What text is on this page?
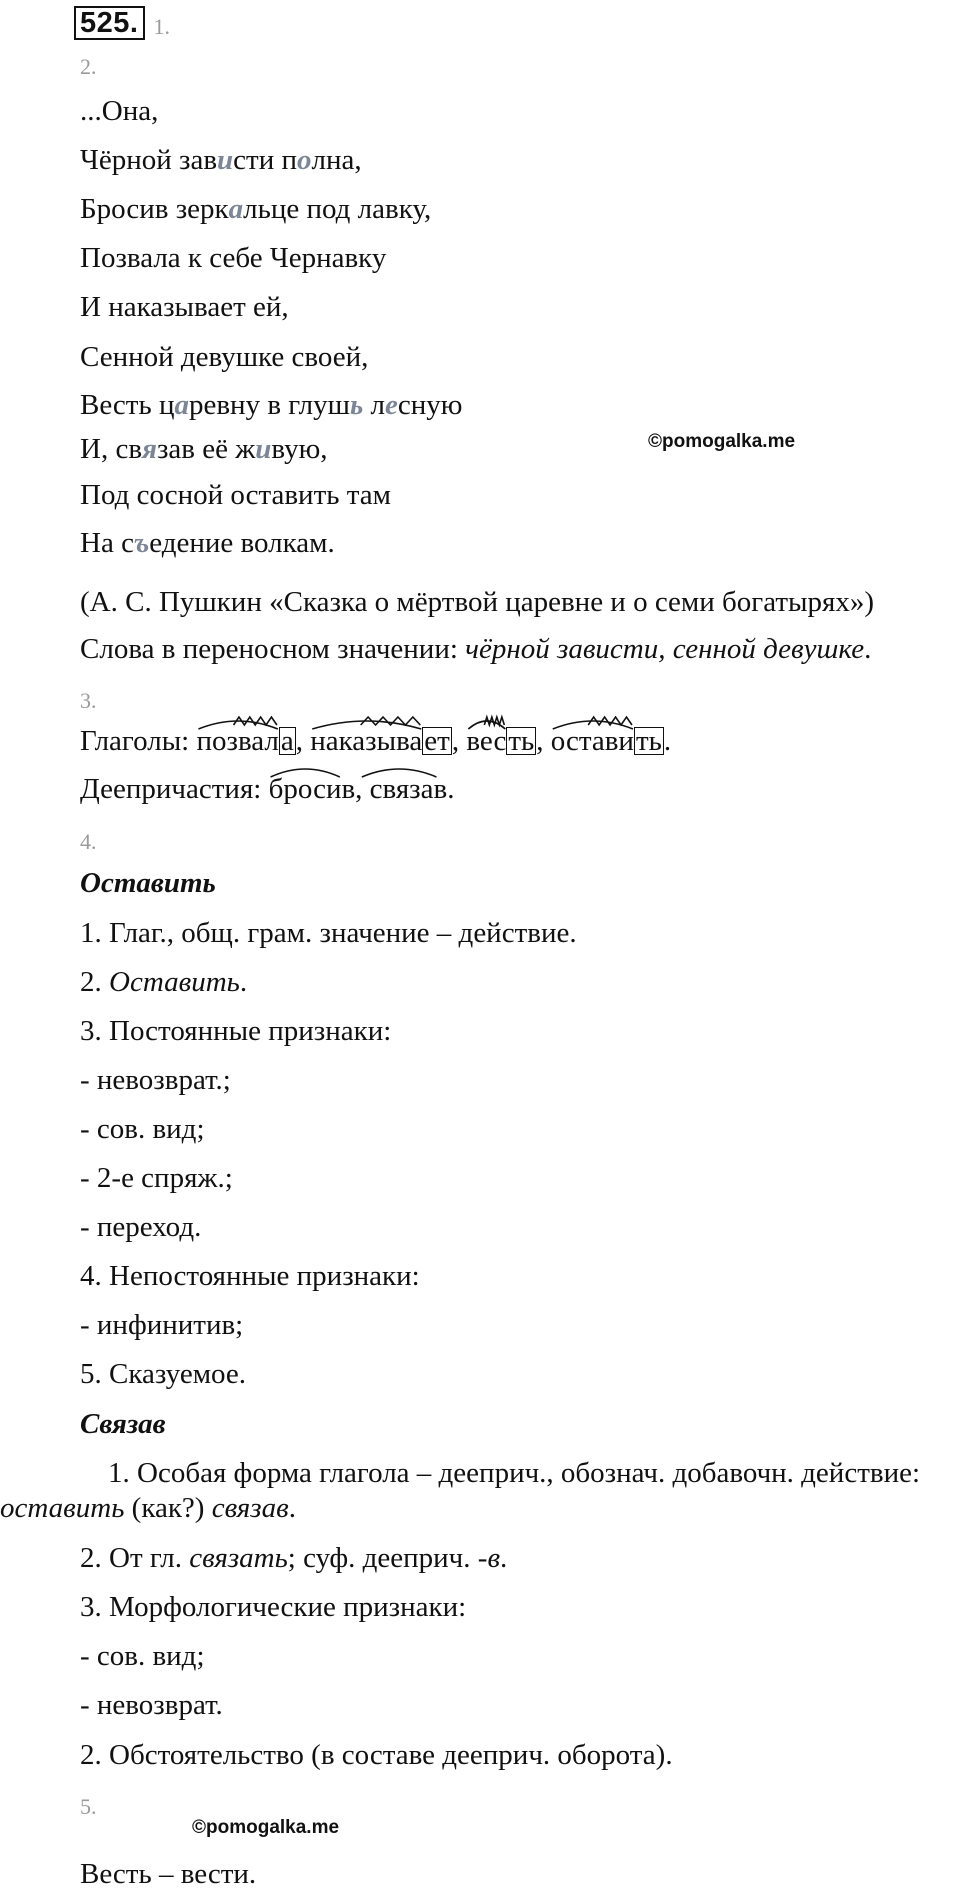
525. 1.
2.
...Она,
Чёрной зависти полна,
Бросив зеркальце под лавку,
Позвала к себе Чернавку
И наказывает ей,
Сенной девушке своей,
Весть царевну в глушь лесную
И, связав её живую,
Под сосной оставить там
На съедение волкам.
(А. С. Пушкин «Сказка о мёртвой царевне и о семи богатырях»)
Слова в переносном значении: чёрной зависти, сенной девушке.
3.
Глаголы: позвала, наказывает, весть, оставить.
Деепричастия: бросив, связав.
4.
Оставить
1. Глаг., общ. грам. значение – действие.
2. Оставить.
3. Постоянные признаки:
- невозврат.;
- сов. вид;
- 2-е спряж.;
- переход.
4. Непостоянные признаки:
- инфинитив;
5. Сказуемое.
Связав
1. Особая форма глагола – дееприч., обознач. добавочн. действие:
оставить (как?) связав.
2. От гл. связать; суф. дееприч. -в.
3. Морфологические признаки:
- сов. вид;
- невозврат.
2. Обстоятельство (в составе дееприч. оборота).
5.
Весть – вести.
©pomogalka.me
©pomogalka.me
